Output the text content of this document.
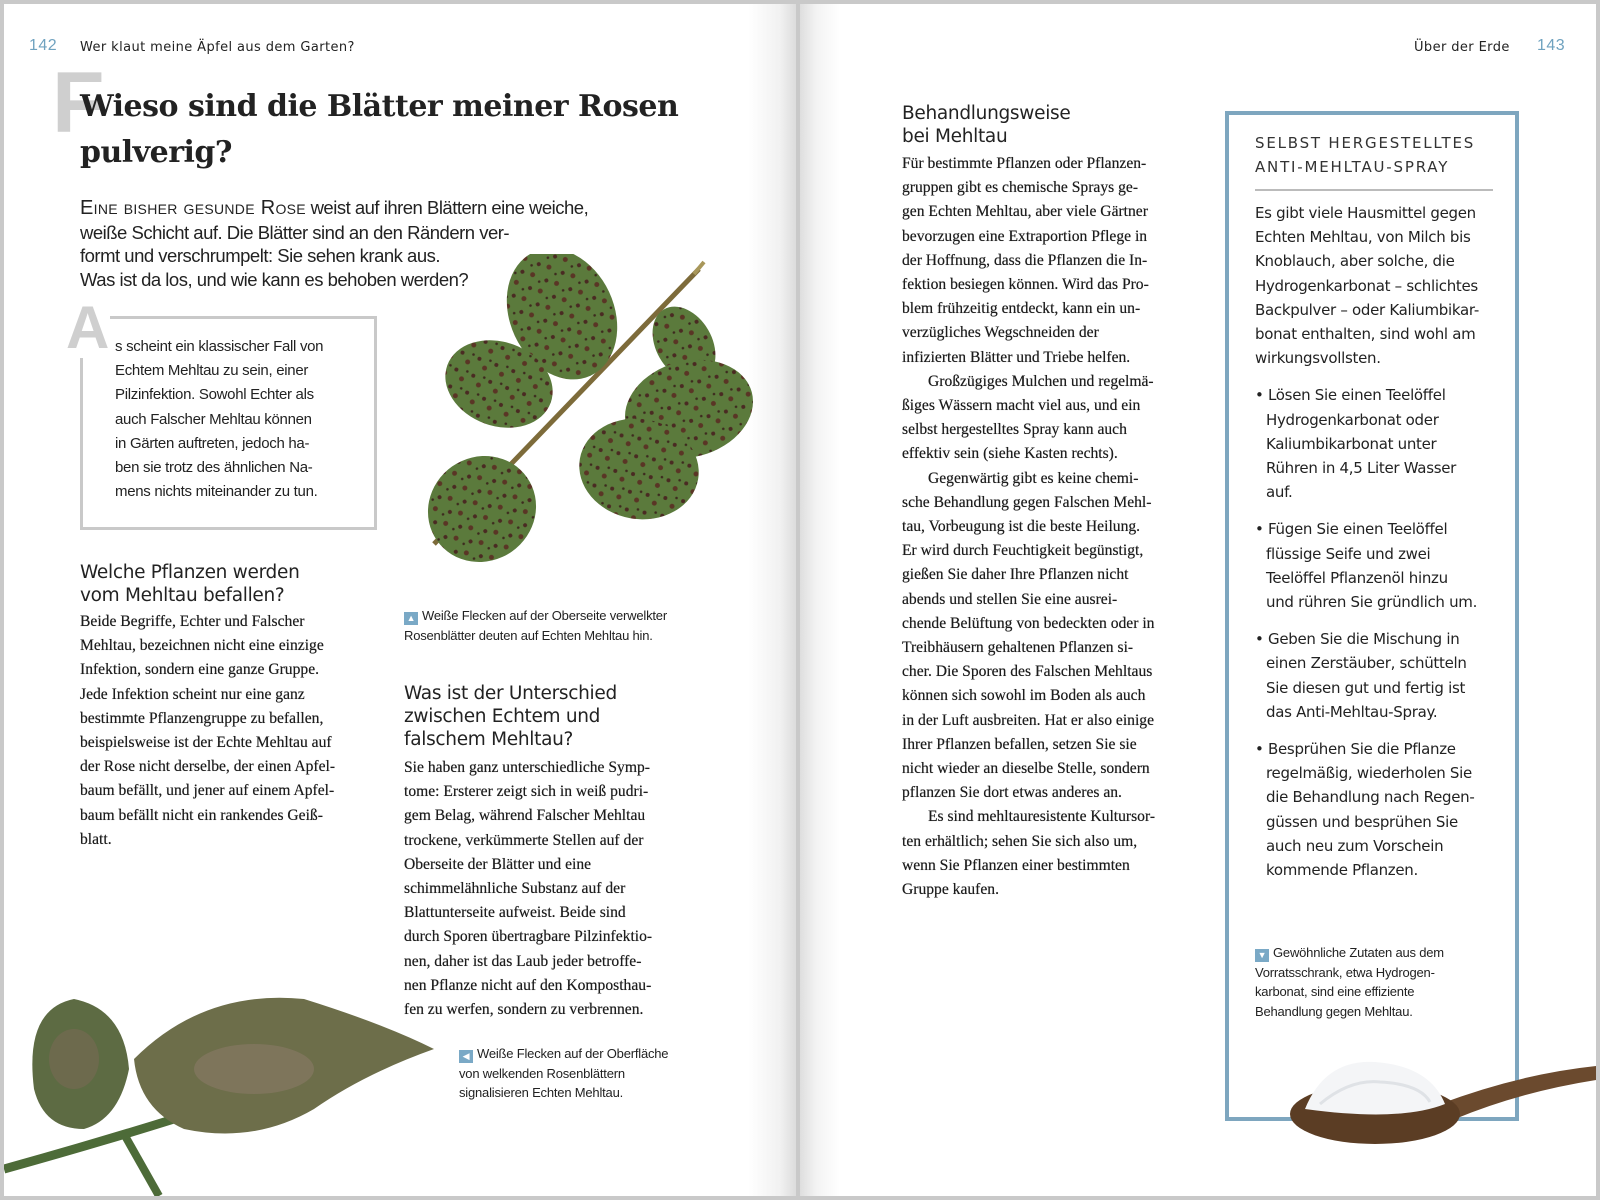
142 Wer klaut meine Äpfel aus dem Garten?
F
Wieso sind die Blätter meiner Rosen
pulverig?
Eine bisher gesunde Rose weist auf ihren Blättern eine weiche,
weiße Schicht auf. Die Blätter sind an den Rändern ver-
formt und verschrumpelt: Sie sehen krank aus.
Was ist da los, und wie kann es behoben werden?
s scheint ein klassischer Fall von
Echtem Mehltau zu sein, einer
Pilzinfektion. Sowohl Echter als
auch Falscher Mehltau können
in Gärten auftreten, jedoch ha-
ben sie trotz des ähnlichen Na-
mens nichts miteinander zu tun.
A
Welche Pflanzen werden
vom Mehltau befallen?
Beide Begriffe, Echter und Falscher
Mehltau, bezeichnen nicht eine einzige
Infektion, sondern eine ganze Gruppe.
Jede Infektion scheint nur eine ganz
bestimmte Pflanzengruppe zu befallen,
beispielsweise ist der Echte Mehltau auf
der Rose nicht derselbe, der einen Apfel-
baum befällt, und jener auf einem Apfel-
baum befällt nicht ein rankendes Geiß-
blatt.
▲ Weiße Flecken auf der Oberseite verwelkter
Rosenblätter deuten auf Echten Mehltau hin.
Was ist der Unterschied
zwischen Echtem und
falschem Mehltau?
Sie haben ganz unterschiedliche Symp-
tome: Ersterer zeigt sich in weiß pudri-
gem Belag, während Falscher Mehltau
trockene, verkümmerte Stellen auf der
Oberseite der Blätter und eine
schimmelähnliche Substanz auf der
Blattunterseite aufweist. Beide sind
durch Sporen übertragbare Pilzinfektio-
nen, daher ist das Laub jeder betroffe-
nen Pflanze nicht auf den Komposthau-
fen zu werfen, sondern zu verbrennen.
◀ Weiße Flecken auf der Oberfläche
von welkenden Rosenblättern
signalisieren Echten Mehltau.
Über der Erde 143
Behandlungsweise
bei Mehltau
Für bestimmte Pflanzen oder Pflanzen-
gruppen gibt es chemische Sprays ge-
gen Echten Mehltau, aber viele Gärtner
bevorzugen eine Extraportion Pflege in
der Hoffnung, dass die Pflanzen die In-
fektion besiegen können. Wird das Pro-
blem frühzeitig entdeckt, kann ein un-
verzügliches Wegschneiden der
infizierten Blätter und Triebe helfen.
Großzügiges Mulchen und regelmä-
ßiges Wässern macht viel aus, und ein
selbst hergestelltes Spray kann auch
effektiv sein (siehe Kasten rechts).
Gegenwärtig gibt es keine chemi-
sche Behandlung gegen Falschen Mehl-
tau, Vorbeugung ist die beste Heilung.
Er wird durch Feuchtigkeit begünstigt,
gießen Sie daher Ihre Pflanzen nicht
abends und stellen Sie eine ausrei-
chende Belüftung von bedeckten oder in
Treibhäusern gehaltenen Pflanzen si-
cher. Die Sporen des Falschen Mehltaus
können sich sowohl im Boden als auch
in der Luft ausbreiten. Hat er also einige
Ihrer Pflanzen befallen, setzen Sie sie
nicht wieder an dieselbe Stelle, sondern
pflanzen Sie dort etwas anderes an.
Es sind mehltauresistente Kultursor-
ten erhältlich; sehen Sie sich also um,
wenn Sie Pflanzen einer bestimmten
Gruppe kaufen.
SELBST HERGESTELLTES
ANTI-MEHLTAU-SPRAY
Es gibt viele Hausmittel gegen
Echten Mehltau, von Milch bis
Knoblauch, aber solche, die
Hydrogenkarbonat – schlichtes
Backpulver – oder Kaliumbikar-
bonat enthalten, sind wohl am
wirkungsvollsten.
• Lösen Sie einen Teelöffel
Hydrogenkarbonat oder
Kaliumbikarbonat unter
Rühren in 4,5 Liter Wasser
auf.
• Fügen Sie einen Teelöffel
flüssige Seife und zwei
Teelöffel Pflanzenöl hinzu
und rühren Sie gründlich um.
• Geben Sie die Mischung in
einen Zerstäuber, schütteln
Sie diesen gut und fertig ist
das Anti-Mehltau-Spray.
• Besprühen Sie die Pflanze
regelmäßig, wiederholen Sie
die Behandlung nach Regen-
güssen und besprühen Sie
auch neu zum Vorschein
kommende Pflanzen.
▼ Gewöhnliche Zutaten aus dem
Vorratsschrank, etwa Hydrogen-
karbonat, sind eine effiziente
Behandlung gegen Mehltau.
